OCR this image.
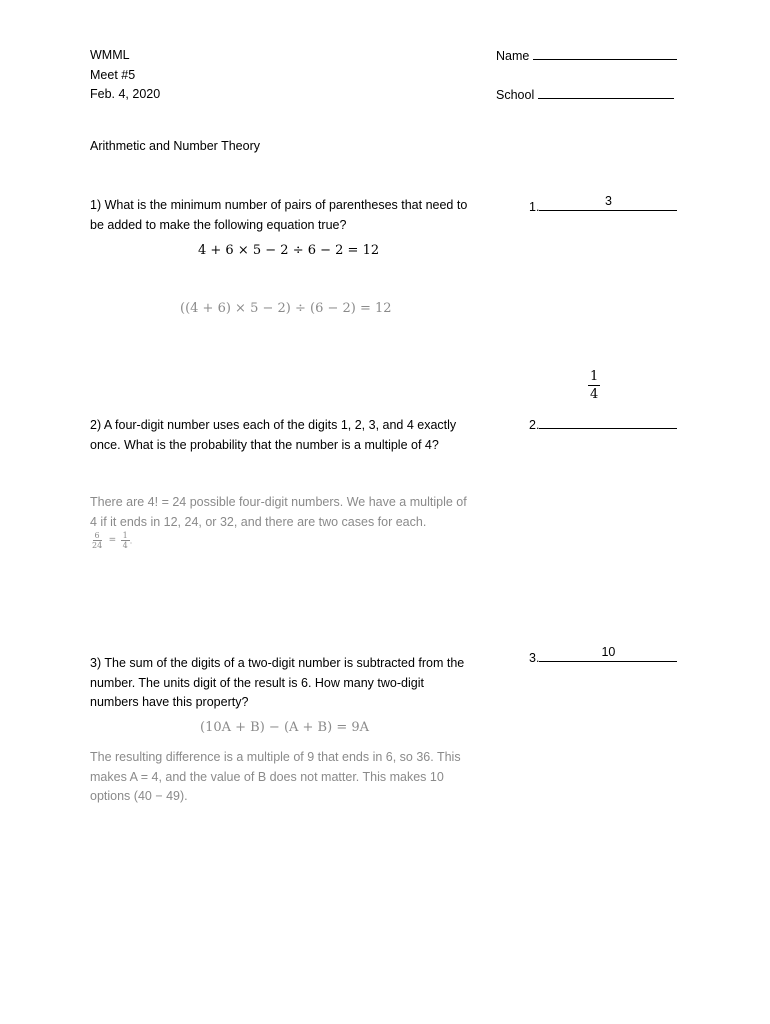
WMML
Meet #5
Feb. 4, 2020
Name
School
Arithmetic and Number Theory
1) What is the minimum number of pairs of parentheses that need to be added to make the following equation true?
4 + 6 × 5 − 2 ÷ 6 − 2 = 12
((4 + 6) × 5 − 2) ÷ (6 − 2) = 12
1.	3
$\frac{1}{4}$
2) A four-digit number uses each of the digits 1, 2, 3, and 4 exactly once. What is the probability that the number is a multiple of 4?
2.
There are 4! = 24 possible four-digit numbers. We have a multiple of 4 if it ends in 12, 24, or 32, and there are two cases for each.
$\frac{6}{24} = \frac{1}{4}$ .
3) The sum of the digits of a two-digit number is subtracted from the number. The units digit of the result is 6. How many two-digit numbers have this property?
3.	10
(10A + B) − (A + B) = 9A
The resulting difference is a multiple of 9 that ends in 6, so 36. This makes A = 4, and the value of B does not matter. This makes 10 options (40 − 49).
